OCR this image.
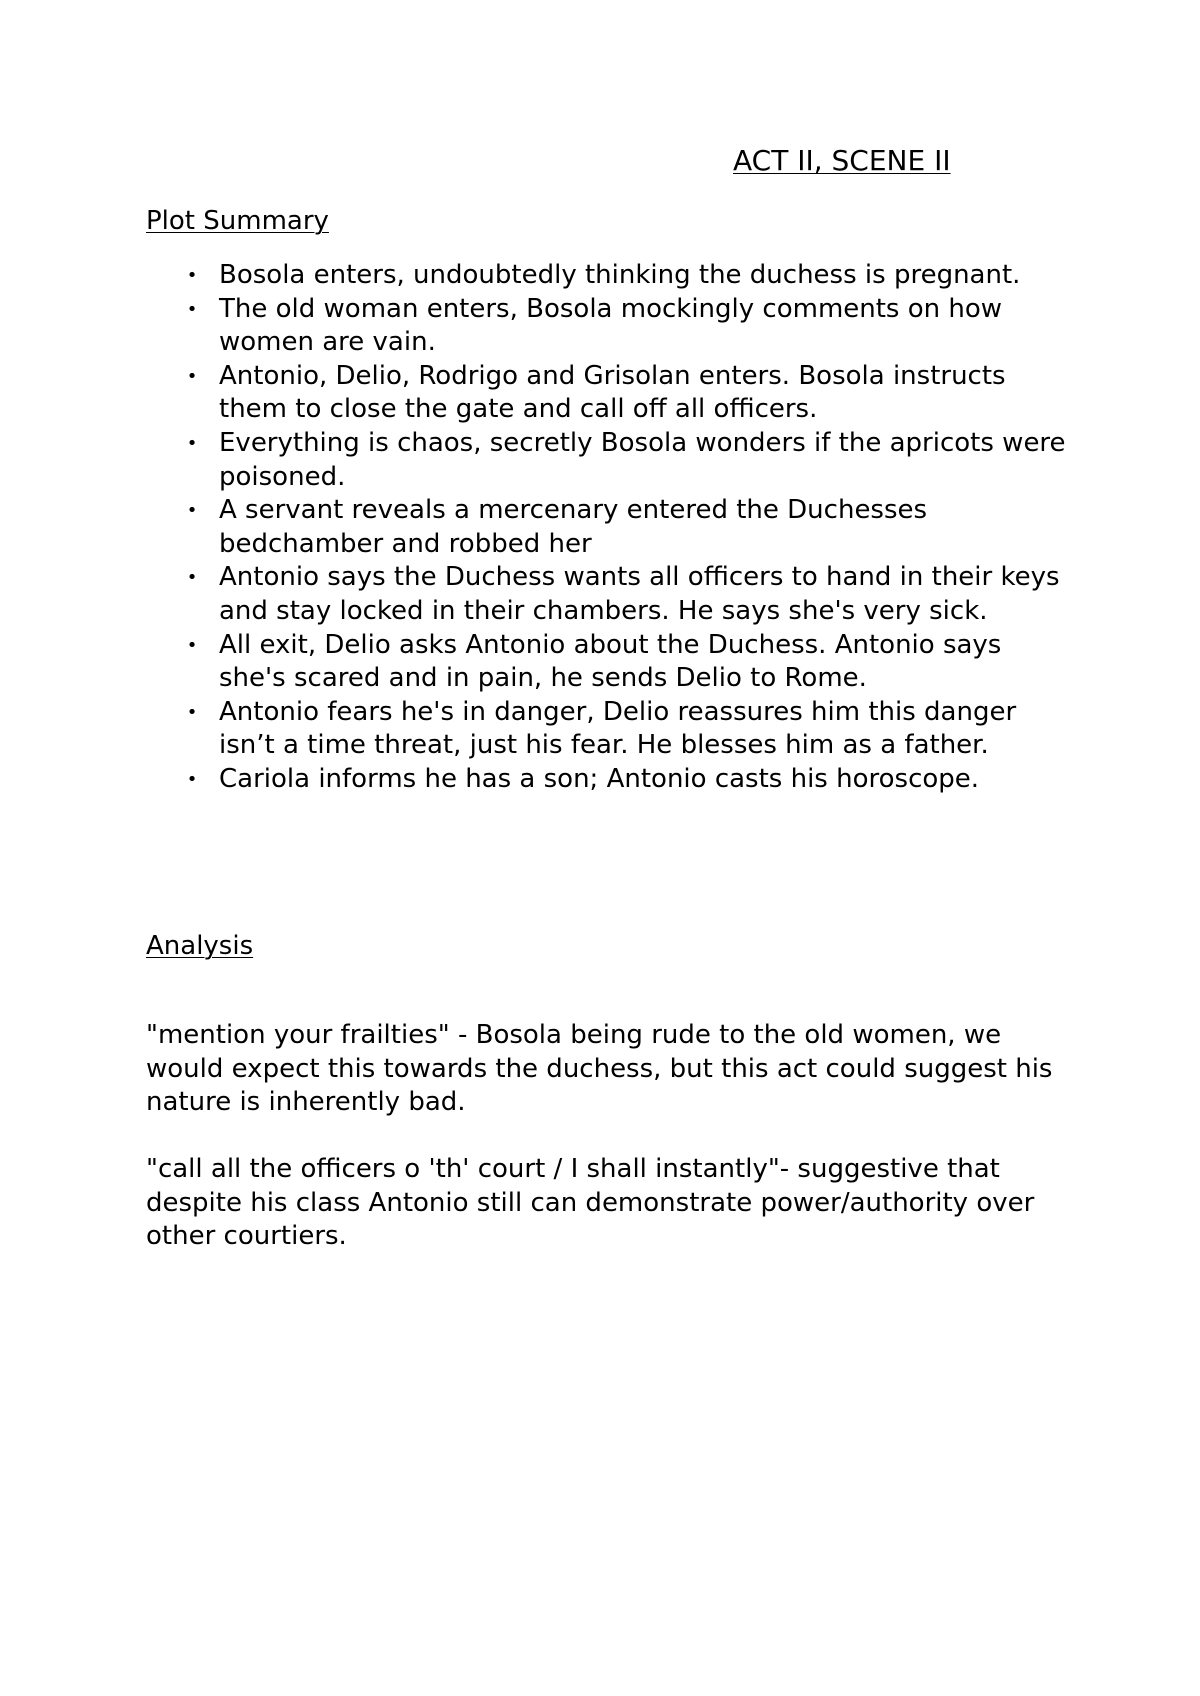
ACT II, SCENE II
Plot Summary
• Bosola enters, undoubtedly thinking the duchess is pregnant.
• The old woman enters, Bosola mockingly comments on how women are vain.
• Antonio, Delio, Rodrigo and Grisolan enters. Bosola instructs them to close the gate and call off all officers.
• Everything is chaos, secretly Bosola wonders if the apricots were poisoned.
• A servant reveals a mercenary entered the Duchesses bedchamber and robbed her
• Antonio says the Duchess wants all officers to hand in their keys and stay locked in their chambers. He says she's very sick.
• All exit, Delio asks Antonio about the Duchess. Antonio says she's scared and in pain, he sends Delio to Rome.
• Antonio fears he's in danger, Delio reassures him this danger isn’t a time threat, just his fear. He blesses him as a father.
• Cariola informs he has a son; Antonio casts his horoscope.
Analysis

"mention your frailties" - Bosola being rude to the old women, we would expect this towards the duchess, but this act could suggest his nature is inherently bad.

"call all the officers o 'th' court / I shall instantly"- suggestive that despite his class Antonio still can demonstrate power/authority over other courtiers.
